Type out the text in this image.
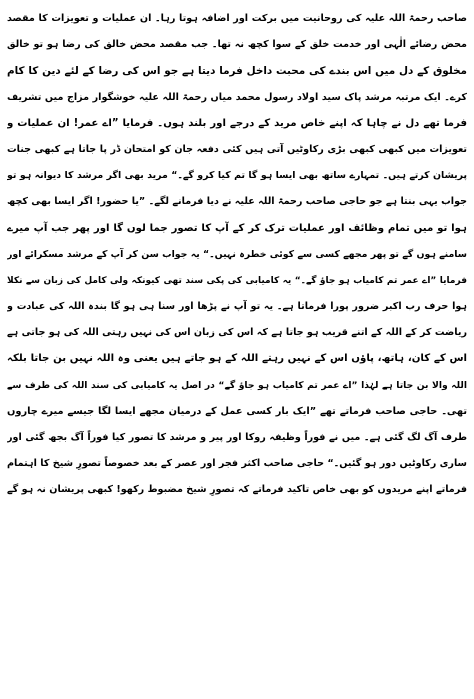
صاحب رحمۃ اللہ علیہ کی روحانیت میں برکت اور اضافہ ہوتا رہا۔ ان عملیات و تعویزات کا مقصد
محض رضائے الٰہی اور خدمت خلق کے سوا کچھ نہ تھا۔ جب مقصد محض خالق کی رضا ہو تو خالق
مخلوق کے دل میں اس بندے کی محبت داخل فرما دیتا ہے جو اس کی رضا کے لئے دین کا کام
کرے۔ ایک مرتبہ مرشد پاک سید اولاد رسول محمد میاں رحمۃ اللہ علیہ خوشگوار مزاج میں تشریف
فرما تھے دل نے چاہا کہ اپنے خاص مرید کے درجے اور بلند ہوں۔ فرمایا ”اے عمر! ان عملیات و
تعویزات میں کبھی کبھی بڑی رکاوٹیں آتی ہیں کئی دفعہ جان کو امتحان ڈر پا جاتا ہے کبھی جنات
پریشان کرتے ہیں۔ تمہارے ساتھ بھی ایسا ہو گا تم کیا کرو گے۔“ مرید بھی اگر مرشد کا دیوانہ ہو تو
جواب یہی بنتا ہے جو حاجی صاحب رحمۃ اللہ علیہ نے دیا فرمانے لگے۔ ”یا حضور! اگر ایسا بھی کچھ
ہوا تو میں تمام وظائف اور عملیات ترک کر کے آپ کا تصور جما لوں گا اور پھر جب آپ میرے
سامنے ہوں گے تو پھر مجھے کسی سے کوئی خطرہ نہیں۔“ یہ جواب سن کر آپ کے مرشد مسکرائے اور
فرمایا ”اے عمر تم کامیاب ہو جاؤ گے۔“ یہ کامیابی کی پکی سند تھی کیونکہ ولی کامل کی زبان سے نکلا
ہوا حرف رب اکبر ضرور پورا فرماتا ہے۔ یہ تو آپ نے پڑھا اور سنا ہی ہو گا بندہ اللہ کی عبادت و
ریاضت کر کے اللہ کے اتنے قریب ہو جاتا ہے کہ اس کی زبان اس کی نہیں رہتی اللہ کی ہو جاتی ہے
اس کے کان، ہاتھ، پاؤں اس کے نہیں رہتے اللہ کے ہو جاتے ہیں یعنی وہ اللہ نہیں بن جاتا بلکہ
اللہ والا بن جاتا ہے لہٰذا ”اے عمر تم کامیاب ہو جاؤ گے“ در اصل یہ کامیابی کی سند اللہ کی طرف سے
تھی۔ حاجی صاحب فرماتے تھے ”ایک بار کسی عمل کے درمیان مجھے ایسا لگا جیسے میرے چاروں
طرف آگ لگ گئی ہے۔ میں نے فوراً وظیفہ روکا اور پیر و مرشد کا تصور کیا فوراً آگ بجھ گئی اور
ساری رکاوٹیں دور ہو گئیں۔“ حاجی صاحب اکثر فجر اور عصر کے بعد خصوصاً تصورِ شیخ کا اہتمام
فرماتے اپنے مریدوں کو بھی خاص تاکید فرماتے کہ تصورِ شیخ مضبوط رکھو! کبھی پریشان نہ ہو گے
